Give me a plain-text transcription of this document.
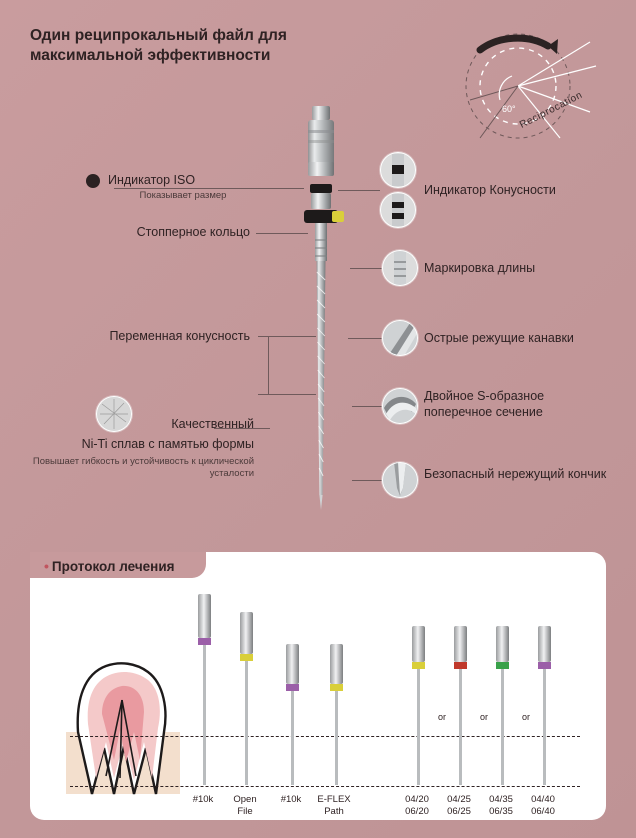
Один реципрокальный файл для максимальной эффективности
60° Reciprocation
Индикатор ISO
Показывает размер
Стопперное кольцо
Переменная конусность
Качественный
Ni-Ti сплав с памятью формы
Повышает гибкость и устойчивость к циклической усталости
Индикатор Конусности
Маркировка длины
Острые режущие канавки
Двойное S-образное поперечное сечение
Безопасный нережущий кончик
• Протокол лечения
or	or	or
#10k	Open
File
#10k	E-FLEX
Path
04/20
06/20
04/25
06/25
04/35
06/35
04/40
06/40
